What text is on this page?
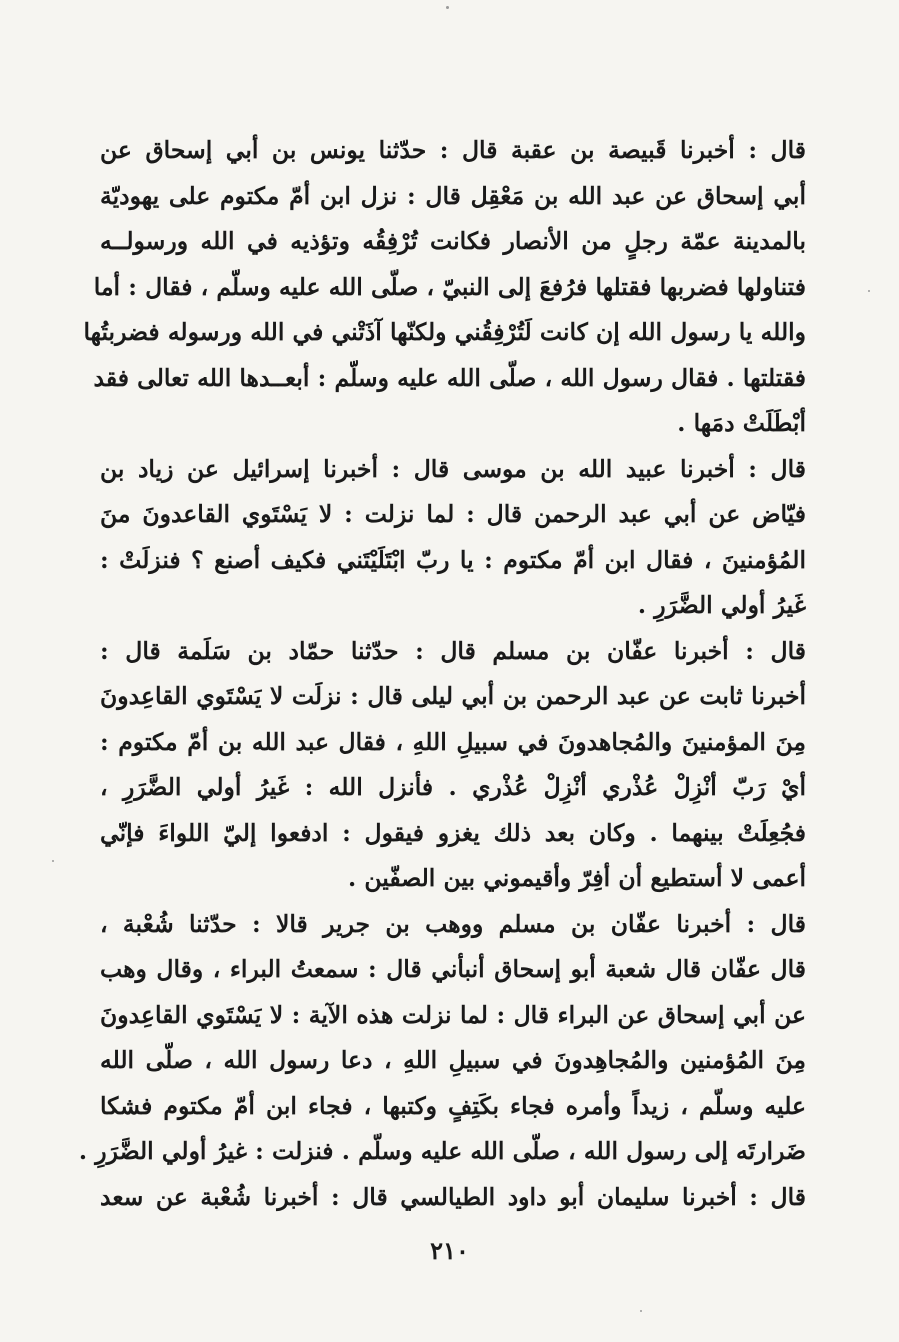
قال : أخبرنا قَبيصة بن عقبة قال : حدّثنا يونس بن أبي إسحاق عن
أبي إسحاق عن عبد الله بن مَعْقِل قال : نزل ابن أمّ مكتوم على يهوديّة
بالمدينة عمّة رجلٍ من الأنصار فكانت تُرْفِقُه وتؤذيه في الله ورسولــه
فتناولها فضربها فقتلها فرُفعَ إلى النبيّ ، صلّى الله عليه وسلّم ، فقال : أما
والله يا رسول الله إن كانت لَتُرْفِقُني ولكنّها آذَتْني في الله ورسوله فضربتُها
فقتلتها . فقال رسول الله ، صلّى الله عليه وسلّم : أبعــدها الله تعالى فقد
أبْطَلَتْ دمَها .
قال : أخبرنا عبيد الله بن موسى قال : أخبرنا إسرائيل عن زياد بن
فيّاض عن أبي عبد الرحمن قال : لما نزلت : لا يَسْتَوي القاعدونَ منَ
المُؤمنينَ ، فقال ابن أمّ مكتوم : يا ربّ ابْتَلَيْتَني فكيف أصنع ؟ فنزلَتْ :
غَيرُ أولي الضَّرَرِ .
قال : أخبرنا عفّان بن مسلم قال : حدّثنا حمّاد بن سَلَمة قال :
أخبرنا ثابت عن عبد الرحمن بن أبي ليلى قال : نزلَت لا يَسْتَوي القاعِدونَ
مِنَ المؤمنينَ والمُجاهدونَ في سبيلِ اللهِ ، فقال عبد الله بن أمّ مكتوم :
أيْ رَبّ أنْزِلْ عُذْري أنْزِلْ عُذْري . فأنزل الله : غَيرُ أولي الضَّرَرِ ،
فجُعِلَتْ بينهما . وكان بعد ذلك يغزو فيقول : ادفعوا إليّ اللواءَ فإنّي
أعمى لا أستطيع أن أفِرّ وأقيموني بين الصفّين .
قال : أخبرنا عفّان بن مسلم ووهب بن جرير قالا : حدّثنا شُعْبة ،
قال عفّان قال شعبة أبو إسحاق أنبأني قال : سمعتُ البراء ، وقال وهب
عن أبي إسحاق عن البراء قال : لما نزلت هذه الآية : لا يَسْتَوي القاعِدونَ
مِنَ المُؤمنين والمُجاهِدونَ في سبيلِ اللهِ ، دعا رسول الله ، صلّى الله
عليه وسلّم ، زيداً وأمره فجاء بكَتِفٍ وكتبها ، فجاء ابن أمّ مكتوم فشكا
ضَرارتَه إلى رسول الله ، صلّى الله عليه وسلّم . فنزلت : غيرُ أولي الضَّرَرِ .
قال : أخبرنا سليمان أبو داود الطيالسي قال : أخبرنا شُعْبة عن سعد
٢١٠
